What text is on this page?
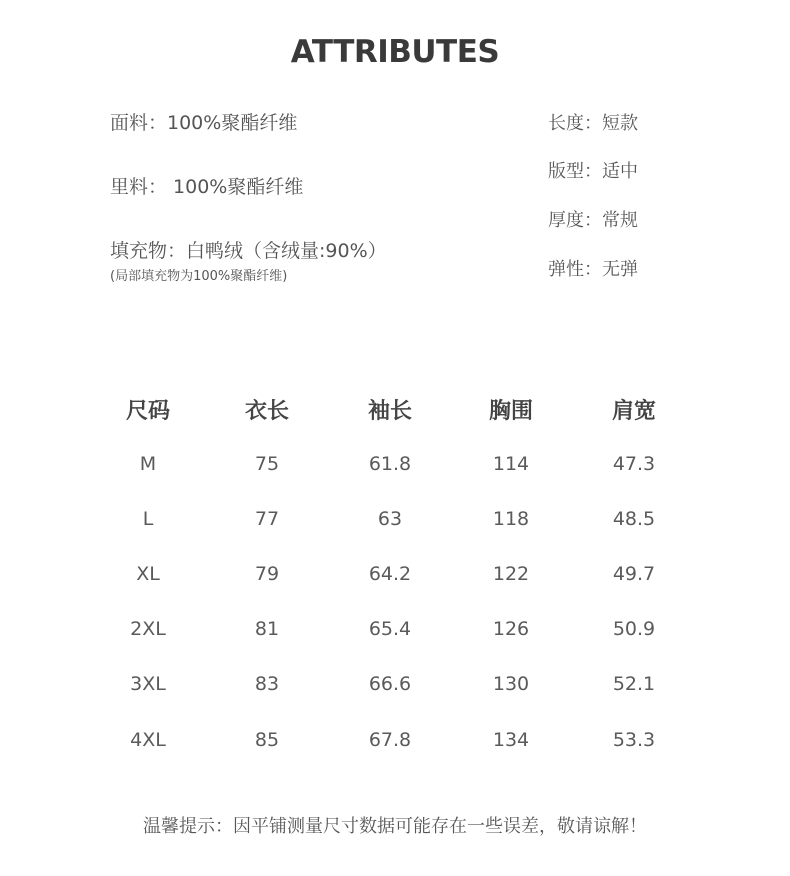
ATTRIBUTES
面料：100%聚酯纤维
里料： 100%聚酯纤维
填充物：白鸭绒（含绒量:90%）
(局部填充物为100%聚酯纤维)
长度：短款
版型：适中
厚度：常规
弹性：无弹
尺码	衣长	袖长	胸围	肩宽
M	75	61.8	114	47.3
L	77	63	118	48.5
XL	79	64.2	122	49.7
2XL	81	65.4	126	50.9
3XL	83	66.6	130	52.1
4XL	85	67.8	134	53.3
温馨提示：因平铺测量尺寸数据可能存在一些误差，敬请谅解！
